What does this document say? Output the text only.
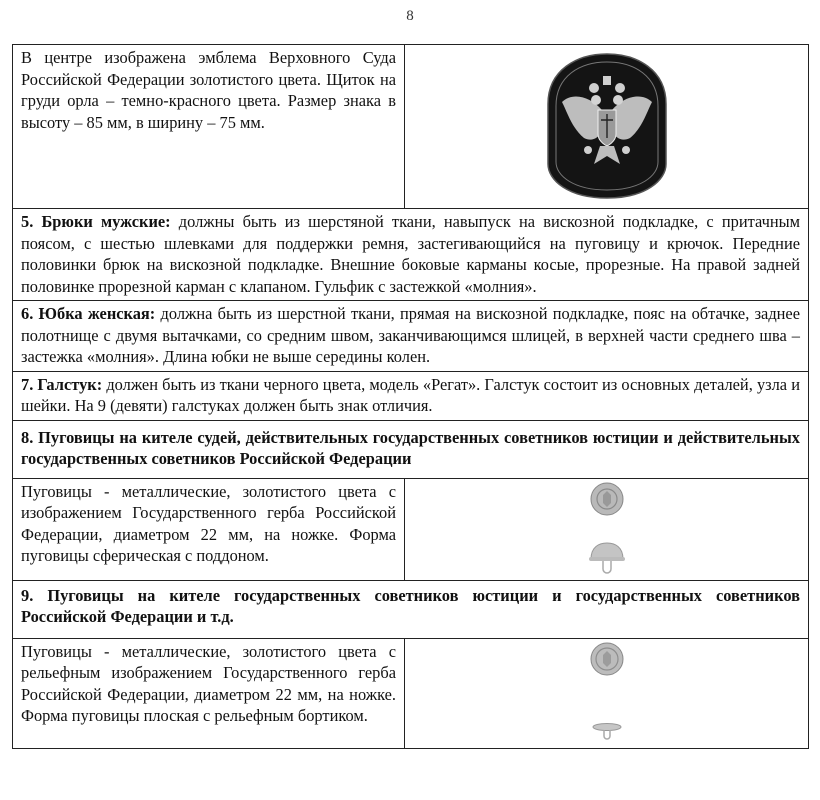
8
В центре изображена эмблема Верховного Суда Российской Федерации золотистого цвета. Щиток на груди орла – темно-красного цвета. Размер знака в высоту – 85 мм, в ширину – 75 мм.	

5. Брюки мужские: должны быть из шерстяной ткани, навыпуск на вискозной подкладке, с притачным поясом, с шестью шлевками для поддержки ремня, застегивающийся на пуговицу и крючок. Передние половинки брюк на вискозной подкладке. Внешние боковые карманы косые, прорезные. На правой задней половинке прорезной карман с клапаном. Гульфик с застежкой «молния».	
6. Юбка женская: должна быть из шерстной ткани, прямая на вискозной подкладке, пояс на обтачке, заднее полотнище с двумя вытачками, со средним швом, заканчивающимся шлицей, в верхней части среднего шва – застежка «молния». Длина юбки не выше середины колен.	
7. Галстук: должен быть из ткани черного цвета, модель «Регат». Галстук состоит из основных деталей, узла и шейки. На 9 (девяти) галстуках должен быть знак отличия.	
8. Пуговицы на кителе судей, действительных государственных советников юстиции и действительных государственных советников Российской Федерации	
Пуговицы - металлические, золотистого цвета с изображением Государственного герба Российской Федерации, диаметром 22 мм, на ножке. Форма пуговицы сферическая с поддоном.	

9. Пуговицы на кителе государственных советников юстиции и государственных советников Российской Федерации и т.д.	
Пуговицы - металлические, золотистого цвета с рельефным изображением Государственного герба Российской Федерации, диаметром 22 мм, на ножке. Форма пуговицы плоская с рельефным бортиком.	
